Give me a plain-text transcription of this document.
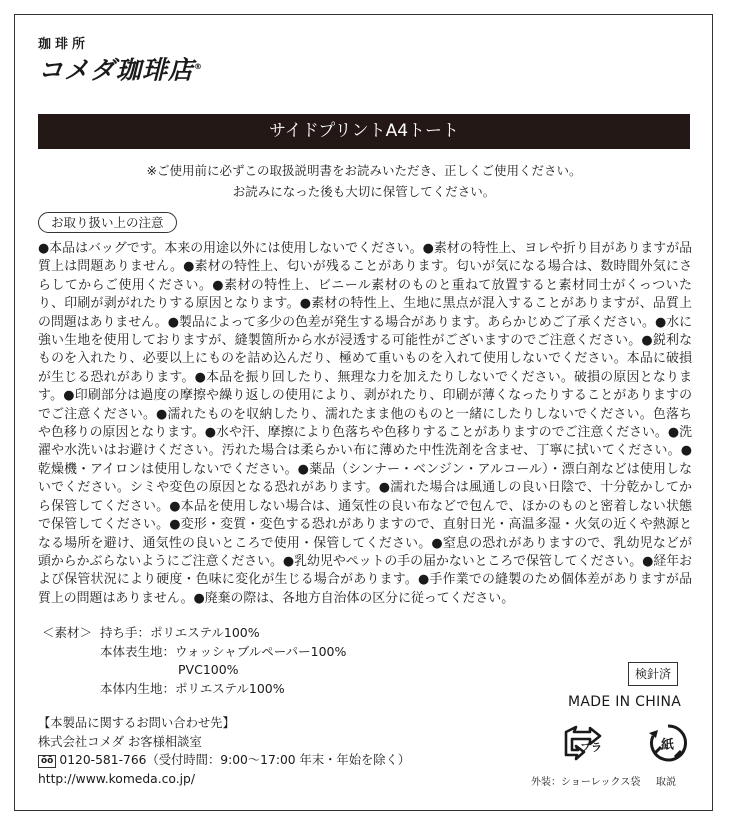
珈琲所
コメダ珈琲店®
サイドプリントA4トート
※ご使用前に必ずこの取扱説明書をお読みいただき、正しくご使用ください。
お読みになった後も大切に保管してください。
お取り扱い上の注意
●本品はバッグです。本来の用途以外には使用しないでください。●素材の特性上、ヨレや折り目がありますが品質上は問題ありません。●素材の特性上、匂いが残ることがあります。匂いが気になる場合は、数時間外気にさらしてからご使用ください。●素材の特性上、ビニール素材のものと重ねて放置すると素材同士がくっついたり、印刷が剥がれたりする原因となります。●素材の特性上、生地に黒点が混入することがありますが、品質上の問題はありません。●製品によって多少の色差が発生する場合があります。あらかじめご了承ください。●水に強い生地を使用しておりますが、縫製箇所から水が浸透する可能性がございますのでご注意ください。●鋭利なものを入れたり、必要以上にものを詰め込んだり、極めて重いものを入れて使用しないでください。本品に破損が生じる恐れがあります。●本品を振り回したり、無理な力を加えたりしないでください。破損の原因となります。●印刷部分は過度の摩擦や繰り返しの使用により、剥がれたり、印刷が薄くなったりすることがありますのでご注意ください。●濡れたものを収納したり、濡れたまま他のものと一緒にしたりしないでください。色落ちや色移りの原因となります。●水や汗、摩擦により色落ちや色移りすることがありますのでご注意ください。●洗濯や水洗いはお避けください。汚れた場合は柔らかい布に薄めた中性洗剤を含ませ、丁寧に拭いてください。●乾燥機・アイロンは使用しないでください。●薬品（シンナー・ベンジン・アルコール）・漂白剤などは使用しないでください。シミや変色の原因となる恐れがあります。●濡れた場合は風通しの良い日陰で、十分乾かしてから保管してください。●本品を使用しない場合は、通気性の良い布などで包んで、ほかのものと密着しない状態で保管してください。●変形・変質・変色する恐れがありますので、直射日光・高温多湿・火気の近くや熱源となる場所を避け、通気性の良いところで使用・保管してください。●窒息の恐れがありますので、乳幼児などが頭からかぶらないようにご注意ください。●乳幼児やペットの手の届かないところで保管してください。●経年および保管状況により硬度・色味に変化が生じる場合があります。●手作業での縫製のため個体差がありますが品質上の問題はありません。●廃棄の際は、各地方自治体の区分に従ってください。
＜素材＞ 持ち手： ポリエステル100%
本体表生地： ウォッシャブルペーパー100%
PVC100%
本体内生地： ポリエステル100%
検針済
MADE IN CHINA
【本製品に関するお問い合わせ先】
株式会社コメダ お客様相談室
ōō 0120-581-766（受付時間：9:00〜17:00 年末・年始を除く）
http://www.komeda.co.jp/
プラ
外装：ショーレックス袋
紙
取説
